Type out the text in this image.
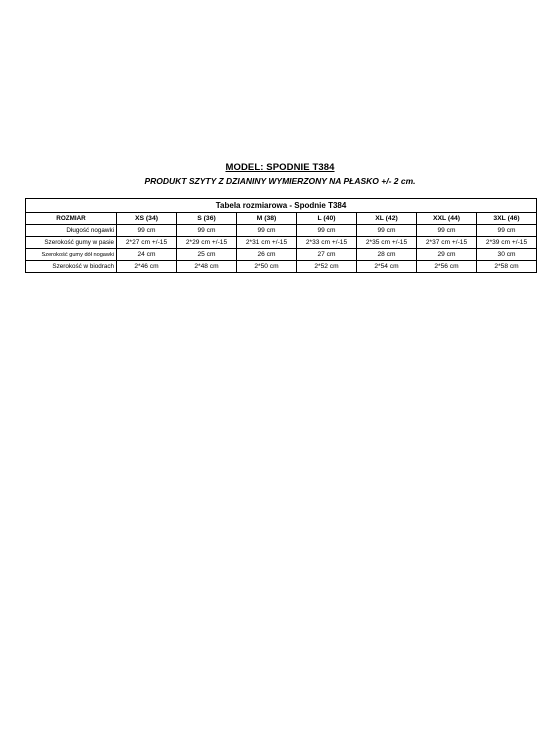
MODEL: SPODNIE T384
PRODUKT SZYTY Z DZIANINY WYMIERZONY NA PŁASKO +/- 2 cm.
Tabela rozmiarowa - Spodnie T384							
ROZMIAR	XS (34)	S (36)	M (38)	L (40)	XL (42)	XXL (44)	3XL (46)
Długość nogawki	99 cm	99 cm	99 cm	99 cm	99 cm	99 cm	99 cm
Szerokość gumy w pasie	2*27 cm +/-15	2*29 cm +/-15	2*31 cm +/-15	2*33 cm +/-15	2*35 cm +/-15	2*37 cm +/-15	2*39 cm +/-15
Szerokość gumy dół nogawki	24 cm	25 cm	26 cm	27 cm	28 cm	29 cm	30 cm
Szerokość w biodrach	2*46 cm	2*48 cm	2*50 cm	2*52 cm	2*54 cm	2*56 cm	2*58 cm
